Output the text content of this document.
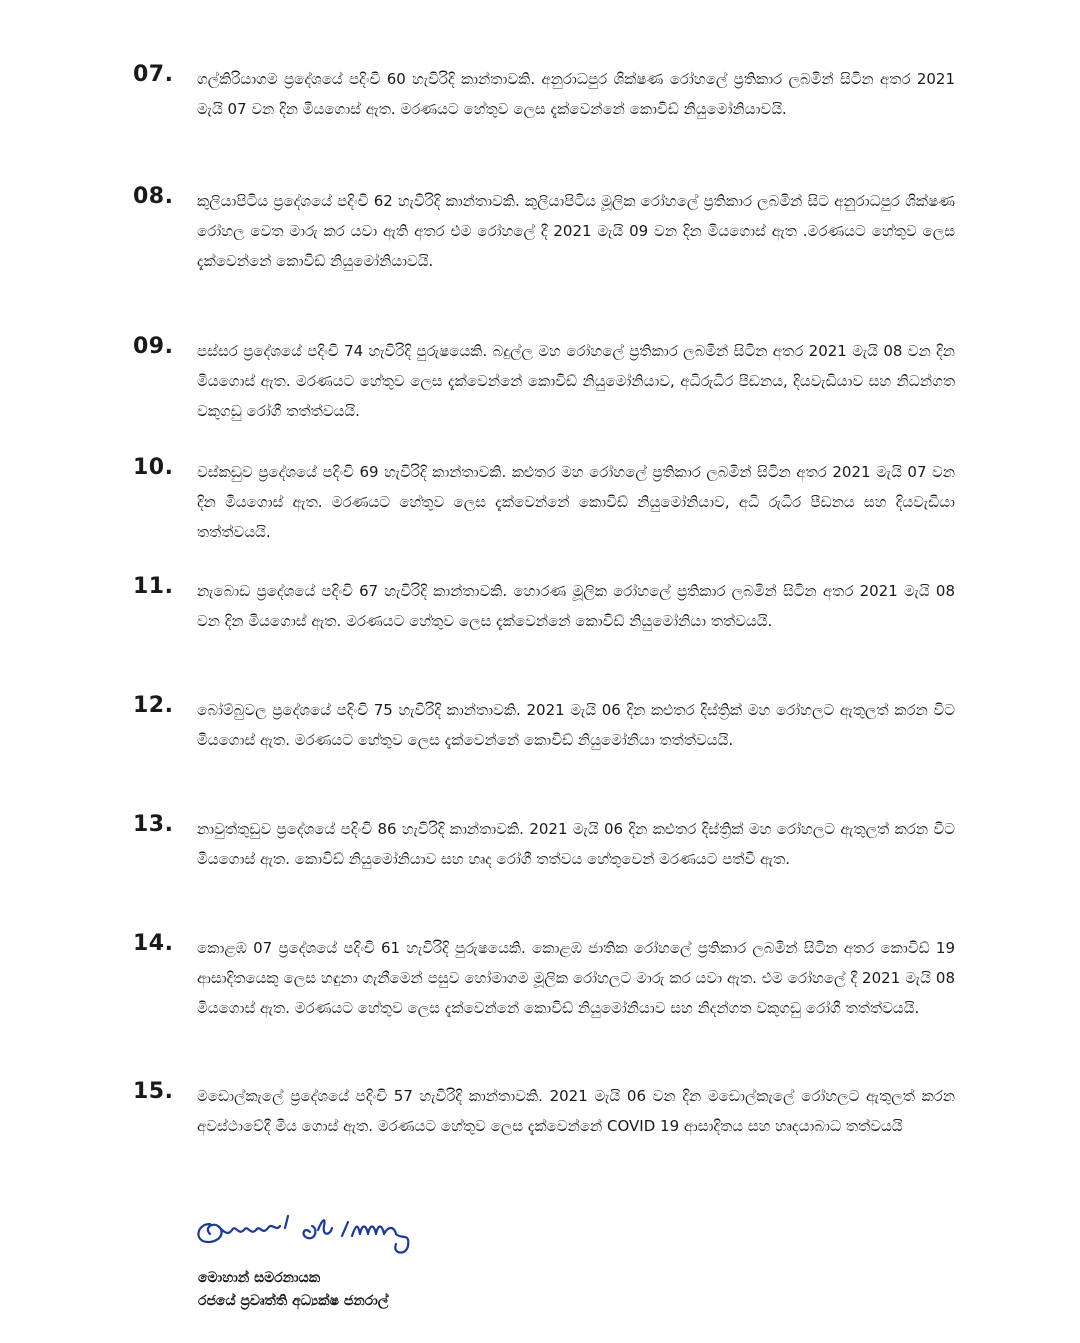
07. ගල්කිරියාගම ප්‍රදේශයේ පදිංචි 60 හැවිරිදි කාන්තාවකි. අනුරාධපුර ශික්ෂණ රෝහලේ ප්‍රතිකාර ලබමින් සිටින අතර 2021 මැයි 07 වන දින මියගොස් ඇත. මරණයට හේතුව ලෙස දැක්වෙන්නේ කොවිඩ් නියුමෝනියාවයි.
08. කුලියාපිටිය ප්‍රදේශයේ පදිංචි 62 හැවිරිදි කාන්තාවකි. කුලියාපිටිය මූලික රෝහලේ ප්‍රතිකාර ලබමින් සිට අනුරාධපුර ශික්ෂණ රෝහල වෙත මාරු කර යවා ඇති අතර එම රෝහලේ දී 2021 මැයි 09 වන දින මියගොස් ඇත .මරණයට හේතුව ලෙස දැක්වෙන්නේ කොවිඩ් නියුමෝනියාවයි.
09. පස්සර ප්‍රදේශයේ පදිංචි 74 හැවිරිදි පුරුෂයෙකි. බදුල්ල මහ රෝහලේ ප්‍රතිකාර ලබමින් සිටින අතර 2021 මැයි 08 වන දින මියගොස් ඇත. මරණයට හේතුව ලෙස දැක්වෙන්නේ කොවිඩ් නියුමෝනියාව, අධිරුධිර පීඩනය, දියවැඩියාව සහ නිධන්ගත වකුගඩු රෝගී තත්ත්වයයි.
10. වස්කඩුව ප්‍රදේශයේ පදිංචි 69 හැවිරිදි කාන්තාවකි. කළුතර මහ රෝහලේ ප්‍රතිකාර ලබමින් සිටින අතර 2021 මැයි 07 වන දින මියගොස් ඇත. මරණයට හේතුව ලෙස දැක්වෙන්නේ කොවිඩ් නියුමෝනියාව, අධි රුධිර පීඩනය සහ දියවැඩියා තත්ත්වයයි.
11. නැබොඩ ප්‍රදේශයේ පදිංචි 67 හැවිරිදි කාන්තාවකි. හොරණ මූලික රෝහලේ ප්‍රතිකාර ලබමින් සිටින අතර 2021 මැයි 08 වන දින මියගොස් ඇත. මරණයට හේතුව ලෙස දැක්වෙන්නේ කොවිඩ් නියුමෝනියා තත්වයයි.
12. බෝම්බුවල ප්‍රදේශයේ පදිංචි 75 හැවිරිදි කාන්තාවකි. 2021 මැයි 06 දින කළුතර දිස්ත්‍රික් මහ රෝහලට ඇතුලත් කරන විට මියගොස් ඇත. මරණයට හේතුව ලෙස දැක්වෙන්නේ කොවිඩ් නියුමෝනියා තත්ත්වයයි.
13. නාවුත්තුඩුව ප්‍රදේශයේ පදිංචි 86 හැවිරිදි කාන්තාවකි. 2021 මැයි 06 දින කළුතර දිස්ත්‍රික් මහ රෝහලට ඇතුලත් කරන විට මියගොස් ඇත. කොවිඩ් නියුමෝනියාව සහ හෘද රෝගී තත්වය හේතුවෙන් මරණයට පත්වී ඇත.
14. කොළඹ 07 ප්‍රදේශයේ පදිංචි 61 හැවිරිදි පුරුෂයෙකි. කොළඹ ජාතික රෝහලේ ප්‍රතිකාර ලබමින් සිටින අතර කොවිඩ් 19 ආසාදිතයෙකු ලෙස හඳුනා ගැනීමෙන් පසුව හෝමාගම මූලික රෝහලට මාරු කර යවා ඇත. එම රෝහලේ දී 2021 මැයි 08 මියගොස් ඇත. මරණයට හේතුව ලෙස දැක්වෙන්නේ කොවිඩ් නියුමෝනියාව සහ නිදන්ගත වකුගඩු රෝගී තත්ත්වයයි.
15. මඩොල්කැලේ ප්‍රදේශයේ පදිංචි 57 හැවිරිදි කාන්තාවකි. 2021 මැයි 06 වන දින මඩොල්කැලේ රෝහලට ඇතුලත් කරන අවස්ථාවේදී මිය ගොස් ඇත. මරණයට හේතුව ලෙස දැක්වෙන්නේ COVID 19 ආසාදිතය සහ හෘදයාබාධ තත්වයයි
මොහාන් සමරනායක
රජයේ ප්‍රවෘත්ති අධ්‍යක්ෂ ජනරාල්
